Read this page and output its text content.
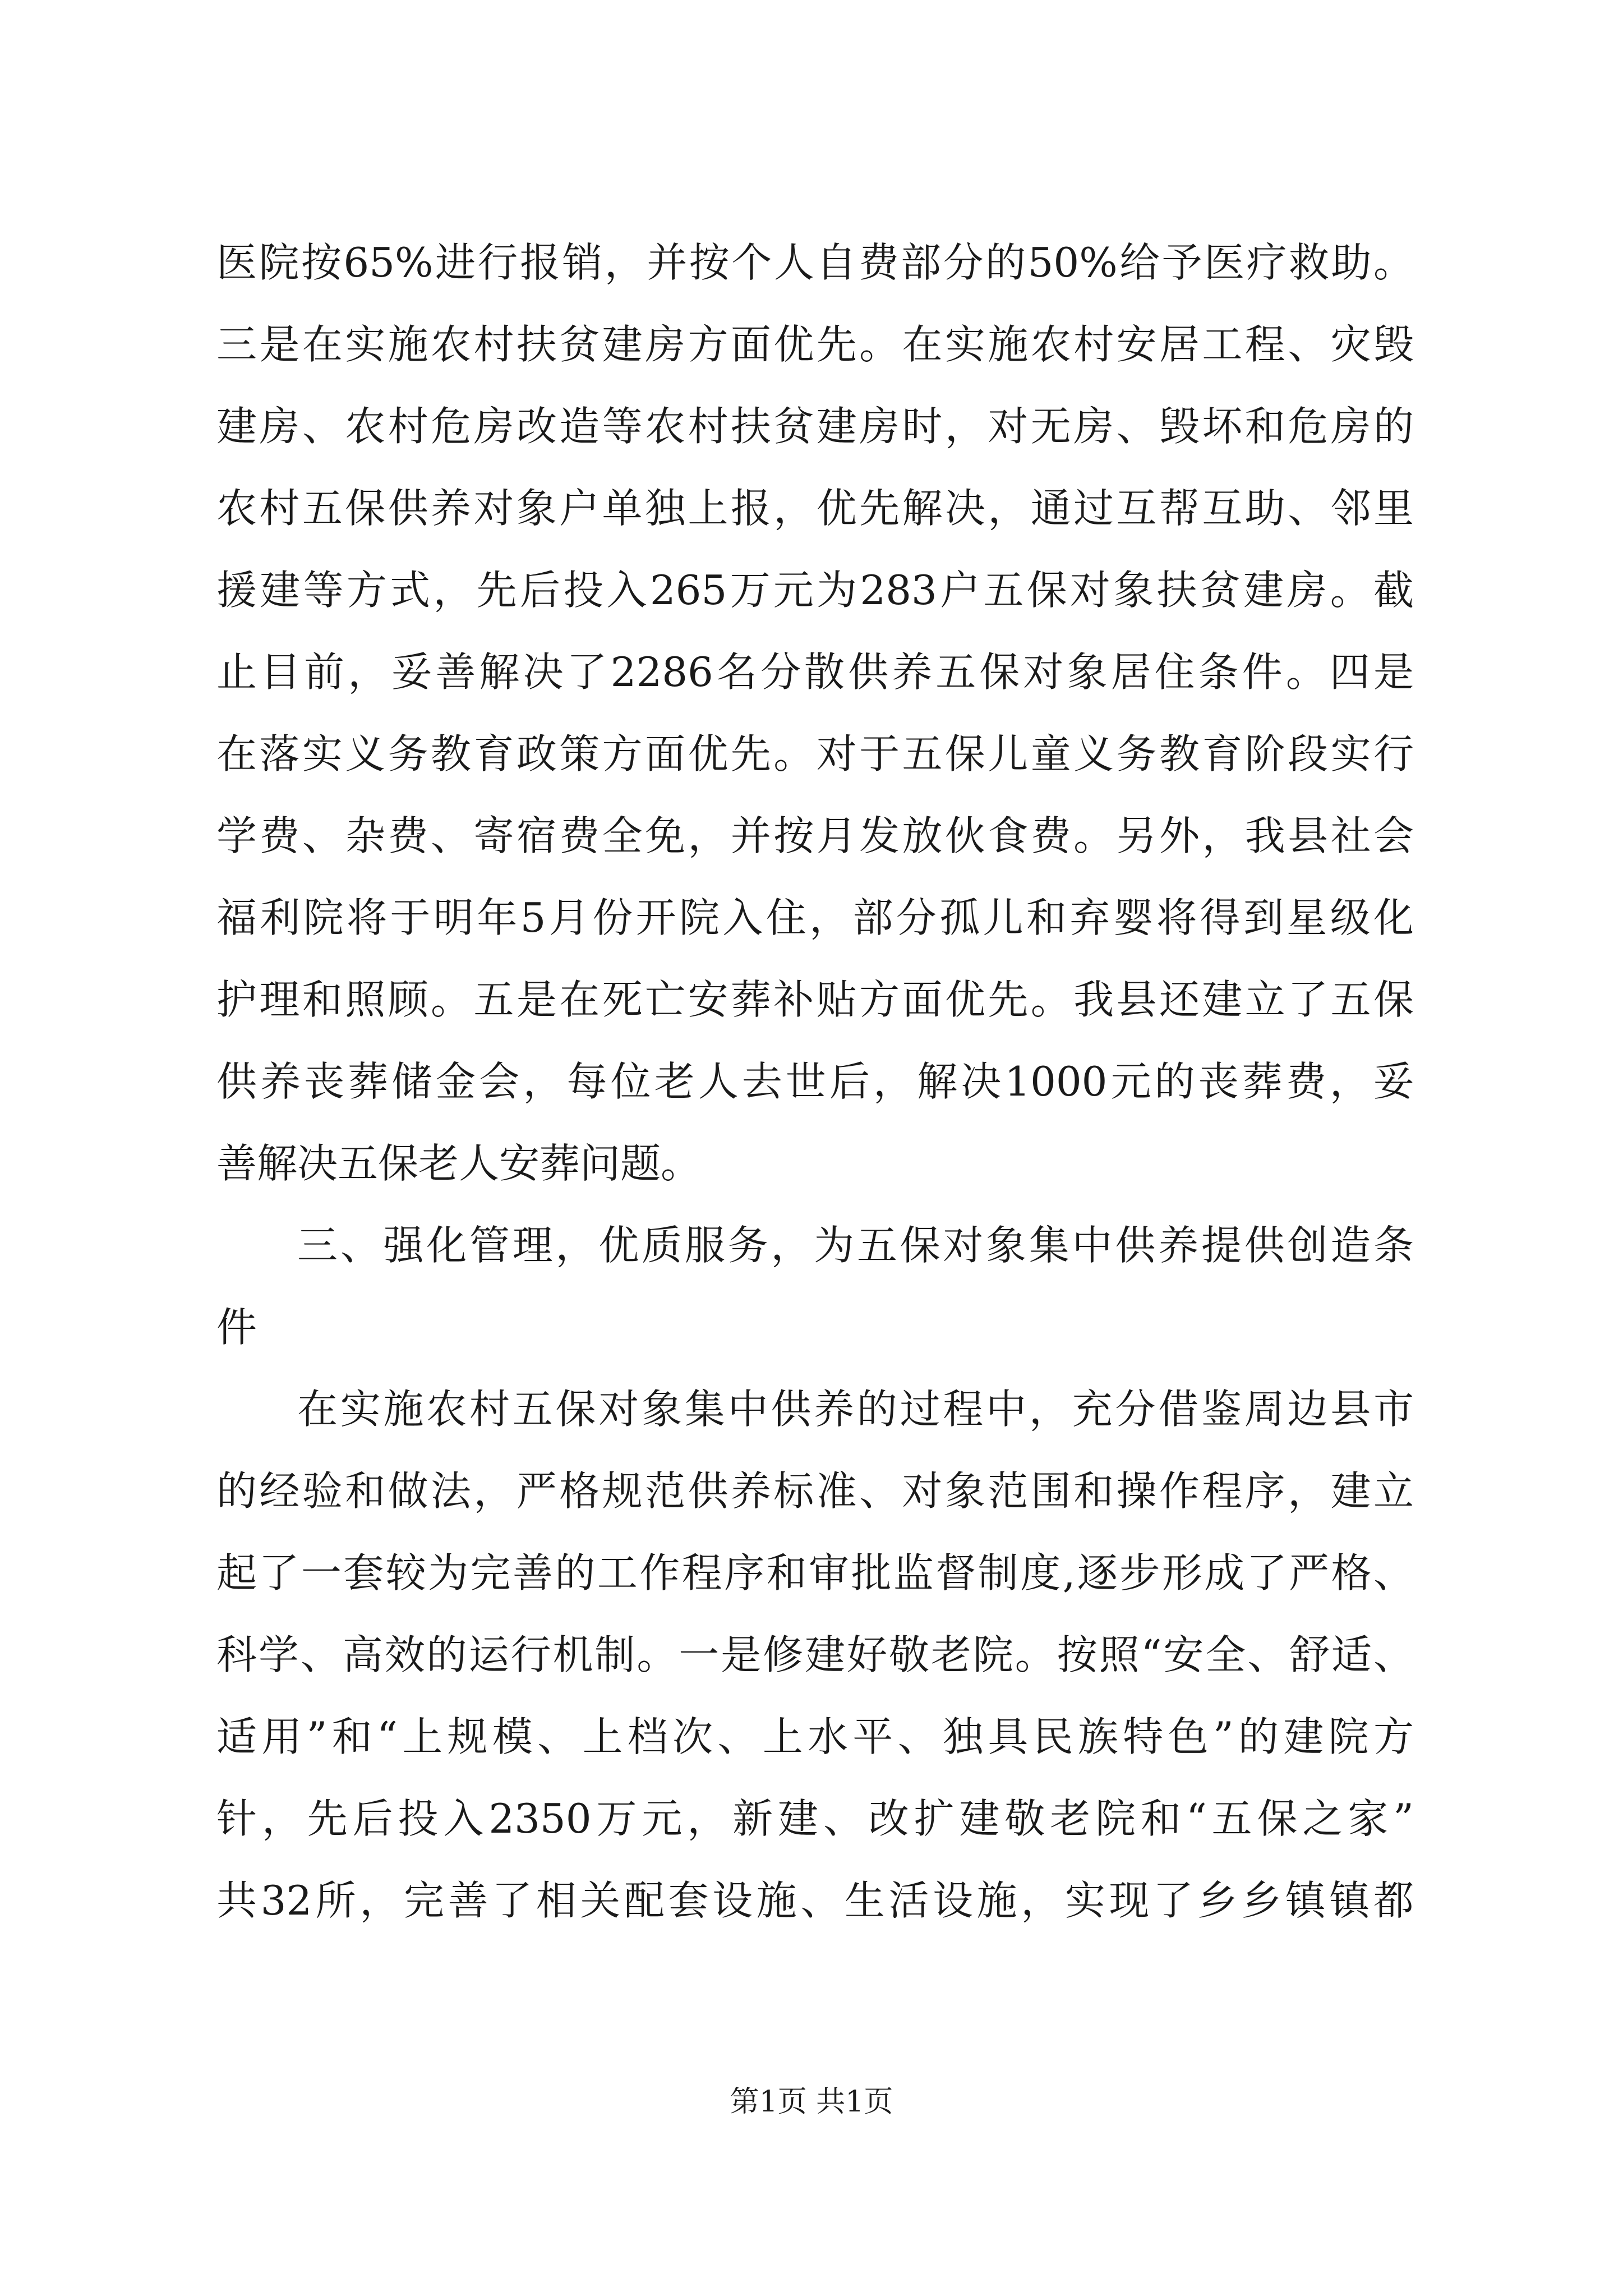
医院按65%进行报销，并按个人自费部分的50%给予医疗救助。
三是在实施农村扶贫建房方面优先。在实施农村安居工程、灾毁
建房、农村危房改造等农村扶贫建房时，对无房、毁坏和危房的
农村五保供养对象户单独上报，优先解决，通过互帮互助、邻里
援建等方式，先后投入265万元为283户五保对象扶贫建房。截
止目前，妥善解决了2286名分散供养五保对象居住条件。四是
在落实义务教育政策方面优先。对于五保儿童义务教育阶段实行
学费、杂费、寄宿费全免，并按月发放伙食费。另外，我县社会
福利院将于明年5月份开院入住，部分孤儿和弃婴将得到星级化
护理和照顾。五是在死亡安葬补贴方面优先。我县还建立了五保
供养丧葬储金会，每位老人去世后，解决1000元的丧葬费，妥
善解决五保老人安葬问题。
三、强化管理，优质服务，为五保对象集中供养提供创造条
件
在实施农村五保对象集中供养的过程中，充分借鉴周边县市
的经验和做法，严格规范供养标准、对象范围和操作程序，建立
起了一套较为完善的工作程序和审批监督制度,逐步形成了严格、
科学、高效的运行机制。一是修建好敬老院。按照“安全、舒适、
适用”和“上规模、上档次、上水平、独具民族特色”的建院方
针，先后投入2350万元，新建、改扩建敬老院和“五保之家”
共32所，完善了相关配套设施、生活设施，实现了乡乡镇镇都
第1页 共1页
